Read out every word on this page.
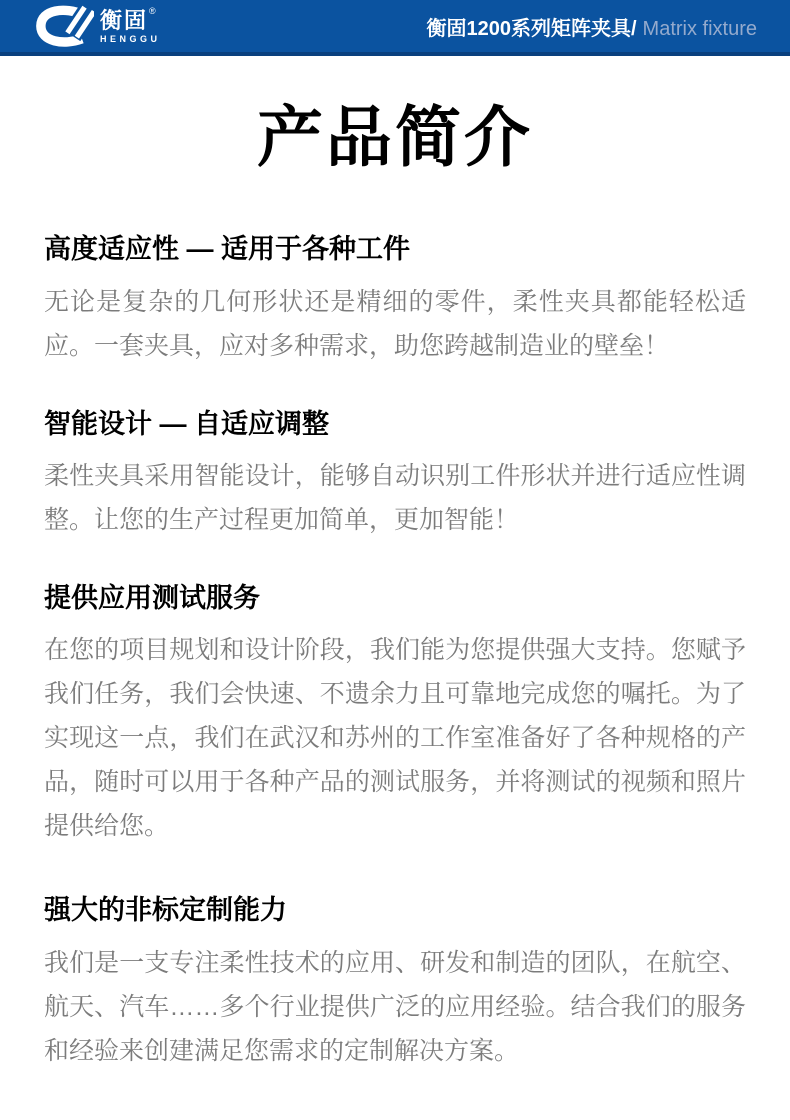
衡固 ®
HENGGU	衡固1200系列矩阵夹具/ Matrix fixture
产品简介
高度适应性 — 适用于各种工件

无论是复杂的几何形状还是精细的零件，柔性夹具都能轻松适应。一套夹具，应对多种需求，助您跨越制造业的壁垒！

智能设计 — 自适应调整

柔性夹具采用智能设计，能够自动识别工件形状并进行适应性调整。让您的生产过程更加简单，更加智能！

提供应用测试服务

在您的项目规划和设计阶段，我们能为您提供强大支持。您赋予我们任务，我们会快速、不遗余力且可靠地完成您的嘱托。为了实现这一点，我们在武汉和苏州的工作室准备好了各种规格的产品，随时可以用于各种产品的测试服务，并将测试的视频和照片提供给您。

强大的非标定制能力

我们是一支专注柔性技术的应用、研发和制造的团队，在航空、航天、汽车……多个行业提供广泛的应用经验。结合我们的服务和经验来创建满足您需求的定制解决方案。
